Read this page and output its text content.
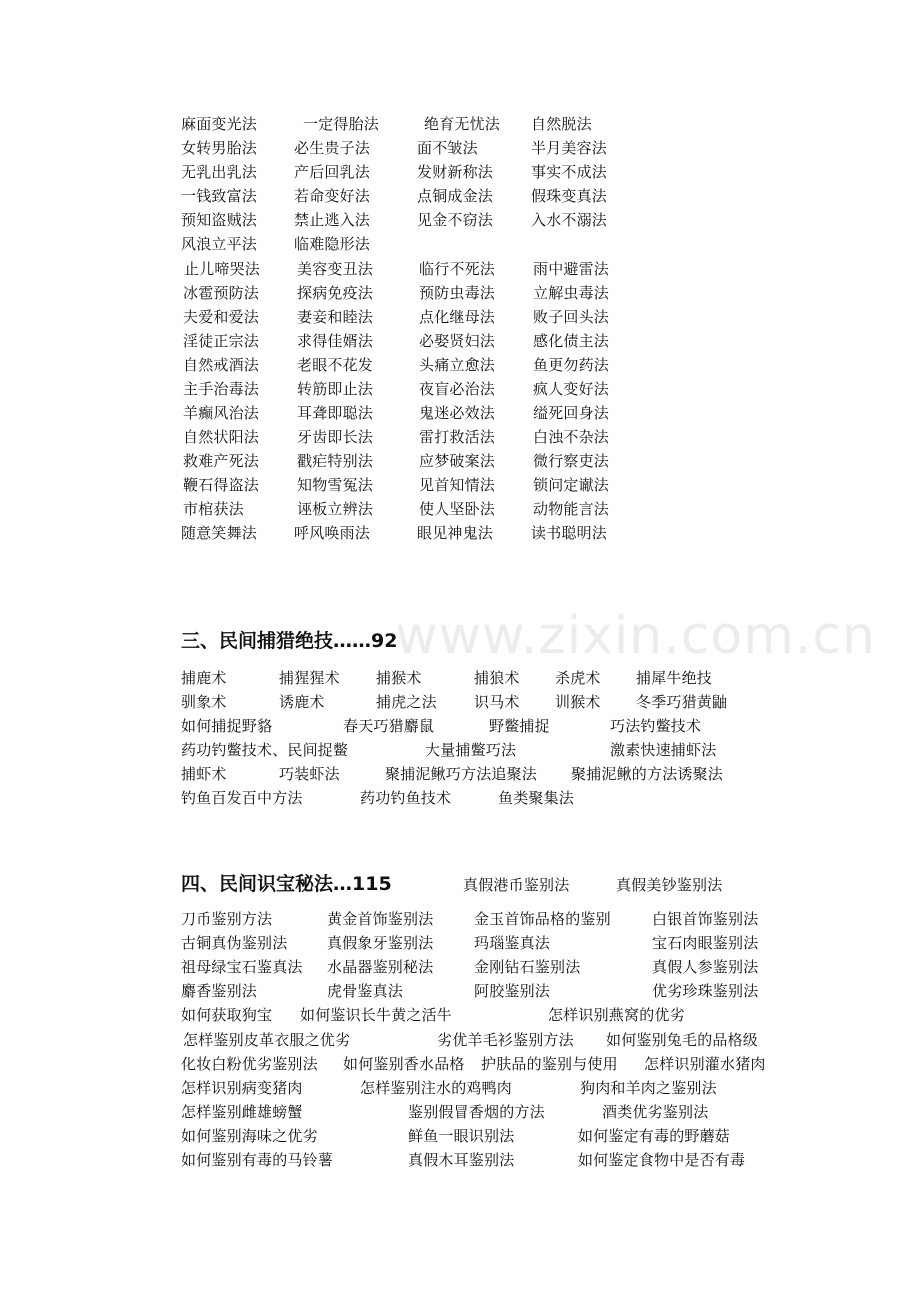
www.zixin.com.cn
麻面变光法	一定得胎法	绝育无忧法 自然脱法
女转男胎法 必生贵子法	面不皱法	半月美容法
无乳出乳法 产后回乳法	发财新称法	事实不成法
一钱致富法 若命变好法	点铜成金法	假珠变真法
预知盗贼法 禁止逃入法	见金不窃法	入水不溺法
风浪立平法 临难隐形法
止儿啼哭法 美容变丑法	临行不死法	雨中避雷法
冰雹预防法	探病免疫法	预防虫毒法	立解虫毒法
夫爱和爱法	妻妾和睦法	点化继母法	败子回头法
淫徒正宗法	求得佳婿法	必娶贤妇法	感化债主法
自然戒酒法	老眼不花发	头痛立愈法	鱼更勿药法
主手治毒法	转筋即止法	夜盲必治法	疯人变好法
羊癫风治法	耳聋即聪法	鬼迷必效法	缢死回身法
自然状阳法	牙齿即长法	雷打救活法	白浊不杂法
救难产死法	戳疟特别法	应梦破案法	微行察吏法
鞭石得盗法	知物雪冤法	见首知情法	锁问定谳法
市棺获法	诬板立辨法	使人坚卧法	动物能言法
随意笑舞法 呼风唤雨法	眼见神鬼法	读书聪明法
三、民间捕猎绝技……92
捕鹿术	捕猩猩术 捕猴术	捕狼术 杀虎术 捕犀牛绝技
驯象术	诱鹿术	捕虎之法 识马术 训猴术 冬季巧猎黄鼬
如何捕捉野貉	春天巧猎麝鼠	野鳖捕捉	巧法钓鳖技术
药功钓鳖技术、民间捉鳖	大量捕鳖巧法	激素快速捕虾法
捕虾术	巧装虾法	聚捕泥鳅巧方法追聚法 聚捕泥鳅的方法诱聚法
钓鱼百发百中方法	药功钓鱼技术	鱼类聚集法
四、民间识宝秘法…115	真假港币鉴别法	真假美钞鉴别法
刀币鉴别方法	黄金首饰鉴别法	金玉首饰品格的鉴别	白银首饰鉴别法
古铜真伪鉴别法	真假象牙鉴别法	玛瑙鉴真法	宝石肉眼鉴别法
祖母绿宝石鉴真法 水晶器鉴别秘法	金刚钻石鉴别法	真假人参鉴别法
麝香鉴别法	虎骨鉴真法	阿胶鉴别法	优劣珍珠鉴别法
如何获取狗宝 如何鉴识长牛黄之活牛	怎样识别燕窝的优劣
怎样鉴别皮革衣服之优劣	劣优羊毛衫鉴别方法 如何鉴别兔毛的品格级
化妆白粉优劣鉴别法 如何鉴别香水品格 护肤品的鉴别与使用 怎样识别灌水猪肉
怎样识别病变猪肉	怎样鉴别注水的鸡鸭肉	狗肉和羊肉之鉴别法
怎样鉴别雌雄螃蟹	鉴别假冒香烟的方法	酒类优劣鉴别法
如何鉴别海味之优劣	鲜鱼一眼识别法	如何鉴定有毒的野蘑菇
如何鉴别有毒的马铃薯	真假木耳鉴别法	如何鉴定食物中是否有毒
